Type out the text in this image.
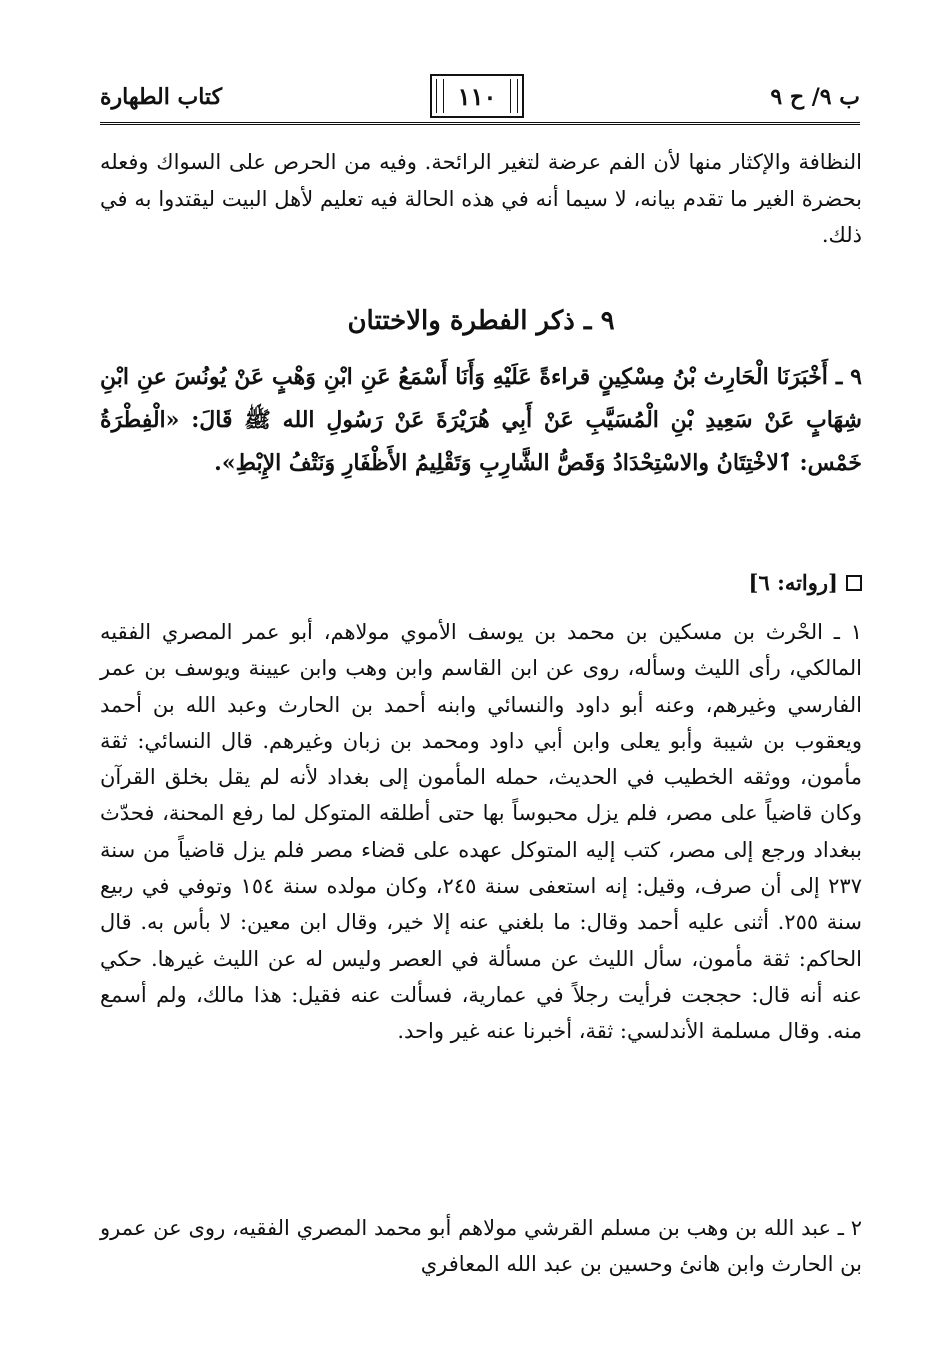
ب ٩/ ح ٩
١١٠
كتاب الطهارة

النظافة والإكثار منها لأن الفم عرضة لتغير الرائحة. وفيه من الحرص على السواك وفعله بحضرة الغير ما تقدم بيانه، لا سيما أنه في هذه الحالة فيه تعليم لأهل البيت ليقتدوا به في ذلك.

٩ ـ ذكر الفطرة والاختتان

٩ ـ أَخْبَرَنَا الْحَارِث بْنُ مِسْكِينٍ قراءةً عَلَيْهِ وَأَنَا أَسْمَعُ عَنِ ابْنِ وَهْبٍ عَنْ يُونُسَ عنِ ابْنِ شِهَابٍ عَنْ سَعِيدِ بْنِ الْمُسَيَّبِ عَنْ أَبِي هُرَيْرَةَ عَنْ رَسُولِ الله ﷺ قَالَ: «الْفِطْرَةُ خَمْس: ٱلاخْتِتَانُ والاسْتِحْدَادُ وَقَصُّ الشَّارِبِ وَتَقْلِيمُ الأَظْفَارِ وَنَتْفُ الإِبْطِ».

[رواته: ٦]

١ ـ الحْرث بن مسكين بن محمد بن يوسف الأموي مولاهم، أبو عمر المصري الفقيه المالكي، رأى الليث وسأله، روى عن ابن القاسم وابن وهب وابن عيينة ويوسف بن عمر الفارسي وغيرهم، وعنه أبو داود والنسائي وابنه أحمد بن الحارث وعبد الله بن أحمد ويعقوب بن شيبة وأبو يعلى وابن أبي داود ومحمد بن زبان وغيرهم. قال النسائي: ثقة مأمون، ووثقه الخطيب في الحديث، حمله المأمون إلى بغداد لأنه لم يقل بخلق القرآن وكان قاضياً على مصر، فلم يزل محبوساً بها حتى أطلقه المتوكل لما رفع المحنة، فحدّث ببغداد ورجع إلى مصر، كتب إليه المتوكل عهده على قضاء مصر فلم يزل قاضياً من سنة ٢٣٧ إلى أن صرف، وقيل: إنه استعفى سنة ٢٤٥، وكان مولده سنة ١٥٤ وتوفي في ربيع سنة ٢٥٥. أثنى عليه أحمد وقال: ما بلغني عنه إلا خير، وقال ابن معين: لا بأس به. قال الحاكم: ثقة مأمون، سأل الليث عن مسألة في العصر وليس له عن الليث غيرها. حكي عنه أنه قال: حججت فرأيت رجلاً في عمارية، فسألت عنه فقيل: هذا مالك، ولم أسمع منه. وقال مسلمة الأندلسي: ثقة، أخبرنا عنه غير واحد.

٢ ـ عبد الله بن وهب بن مسلم القرشي مولاهم أبو محمد المصري الفقيه، روى عن عمرو بن الحارث وابن هانئ وحسين بن عبد الله المعافري
